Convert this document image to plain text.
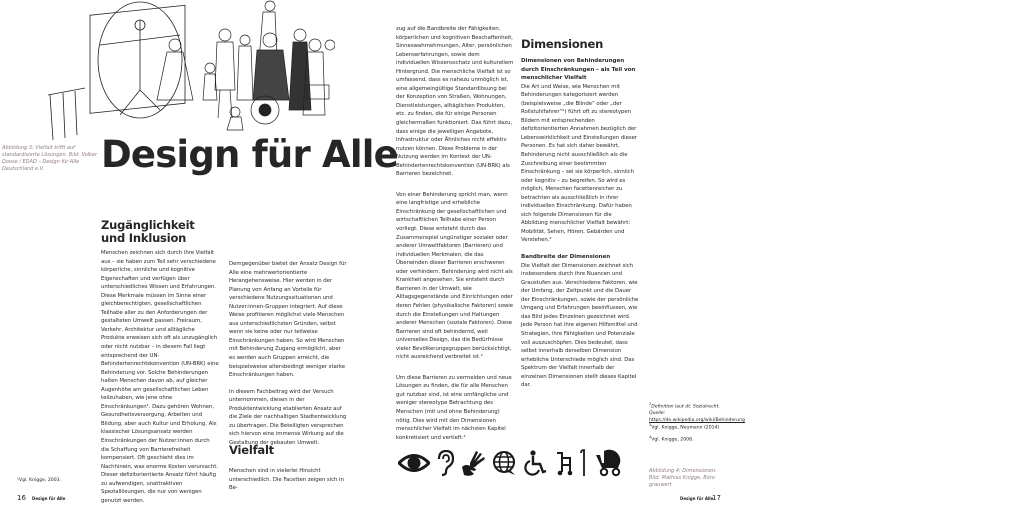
Abbildung 3: Vielfalt trifft auf standardisierte Lösungen. Bild: Volker Doose / EDAD – Design für Alle Deutschland e.V.	Design für Alle
Zugänglichkeit und Inklusion

Menschen zeichnen sich durch ihre Vielfalt aus – sie haben zum Teil sehr verschiedene körperliche, sinnliche und kognitive Eigenschaften und verfügen über unterschiedliches Wissen und Erfahrungen. Diese Merkmale müssen im Sinne einer gleichberechtigten, gesellschaftlichen Teilhabe aller zu den Anforderungen der gestalteten Umwelt passen. Freiraum, Verkehr, Architektur und alltägliche Produkte erweisen sich oft als unzugänglich oder nicht nutzbar – in diesem Fall liegt entsprechend der UN-Behindertenrechtskonvention (UN-BRK) eine Behinderung vor. Solche Behinderungen halten Menschen davon ab, auf gleicher Augenhöhe am gesellschaftlichen Leben teilzuhaben, wie jene ohne Einschränkungen¹. Dazu gehören Wohnen, Gesundheitsversorgung, Arbeiten und Bildung, aber auch Kultur und Erholung. Als klassischer Lösungsansatz werden Einschränkungen der Nutzer:innen durch die Schaffung von Barrierefreiheit kompensiert. Oft geschieht dies im Nachhinein, was enorme Kosten verursacht. Dieser defizitorientierte Ansatz führt häufig zu aufwendigen, unattraktiven Speziallösungen, die nur von wenigen genutzt werden.

Demgegenüber bietet der Ansatz Design für Alle eine mehrwertorientierte Herangehensweise. Hier werden in der Planung von Anfang an Vorteile für verschiedene Nutzungssituationen und Nutzer:innen-Gruppen integriert. Auf diese Weise profitieren möglichst viele Menschen aus unterschiedlichsten Gründen, selbst wenn sie keine oder nur teilweise Einschränkungen haben. So wird Menschen mit Behinderung Zugang ermöglicht, aber es werden auch Gruppen erreicht, die beispielsweise altersbedingt weniger starke Einschränkungen haben.

In diesem Fachbeitrag wird der Versuch unternommen, diesen in der Produktentwicklung etablierten Ansatz auf die Ziele der nachhaltigen Stadtentwicklung zu übertragen. Die Beteiligten versprechen sich hiervon eine immense Wirkung auf die Gestaltung der gebauten Umwelt.

Vielfalt

Menschen sind in vielerlei Hinsicht unterschiedlich. Die Facetten zeigen sich in Be-

¹Vgl. Knigge, 2003.
16 Design für Alle

zug auf die Bandbreite der Fähigkeiten, körperlichen und kognitiven Beschaffenheit, Sinneswahrnehmungen, Alter, persönlichen Lebenserfahrungen, sowie dem individuellen Wissensschatz und kulturellem Hintergrund. Die menschliche Vielfalt ist so umfassend, dass es nahezu unmöglich ist, eine allgemeingültige Standardlösung bei der Konzeption von Straßen, Wohnungen, Dienstleistungen, alltäglichen Produkten, etc. zu finden, die für einige Personen gleichermaßen funktioniert. Das führt dazu, dass einige die jeweiligen Angebote, Infrastruktur oder Ähnliches nicht effektiv nutzen können. Diese Probleme in der Nutzung werden im Kontext der UN-Behindertenrechtskonvention (UN-BRK) als Barrieren bezeichnet.

Von einer Behinderung spricht man, wenn eine langfristige und erhebliche Einschränkung der gesellschaftlichen und wirtschaftlichen Teilhabe einer Person vorliegt. Diese entsteht durch das Zusammenspiel ungünstiger sozialer oder anderer Umweltfaktoren (Barrieren) und individuellen Merkmalen, die das Überwinden dieser Barrieren erschweren oder verhindern. Behinderung wird nicht als Krankheit angesehen. Sie entsteht durch Barrieren in der Umwelt, wie Alltagsgegenstände und Einrichtungen oder deren Fehlen (physikalische Faktoren) sowie durch die Einstellungen und Haltungen anderer Menschen (soziale Faktoren). Diese Barrieren sind oft behindernd, weil universelles Design, das die Bedürfnisse vieler Bevölkerungsgruppen berücksichtigt, nicht ausreichend verbreitet ist.²

Um diese Barrieren zu vermeiden und neue Lösungen zu finden, die für alle Menschen gut nutzbar sind, ist eine umfängliche und weniger stereotype Betrachtung des Menschen (mit und ohne Behinderung) nötig. Dies wird mit den Dimensionen menschlicher Vielfalt im nächsten Kapitel konkretisiert und vertieft.³

Dimensionen
Dimensionen von Behinderungen durch Einschränkungen – als Teil von menschlicher Vielfalt

Die Art und Weise, wie Menschen mit Behinderungen kategorisiert werden (beispielsweise „die Blinde“ oder „der Rollstuhlfahrer“²) führt oft zu stereotypen Bildern mit entsprechenden defizitorientierten Annahmen bezüglich der Lebenswirklichkeit und Einstellungen dieser Personen. Es hat sich daher bewährt, Behinderung nicht ausschließlich als die Zuschreibung einer bestimmten Einschränkung – sei sie körperlich, sinnlich oder kognitiv – zu begreifen. So wird es möglich, Menschen facettenreicher zu betrachten als ausschließlich in ihrer individuellen Einschränkung. Dafür haben sich folgende Dimensionen für die Abbildung menschlicher Vielfalt bewährt: Mobilität, Sehen, Hören, Gebärden und Verstehen.⁴

Bandbreite der Dimensionen

Die Vielfalt der Dimensionen zeichnet sich insbesondere durch ihre Nuancen und Graustufen aus. Verschiedene Faktoren, wie der Umfang, der Zeitpunkt und die Dauer der Einschränkungen, sowie der persönliche Umgang und Erfahrungen beeinflussen, wie das Bild jedes Einzelnen gezeichnet wird. Jede Person hat ihre eigenen Hilfsmittel und Strategien, ihre Fähigkeiten und Potenziale voll auszuschöpfen. Dies bedeutet, dass selbst innerhalb derselben Dimension erhebliche Unterschiede möglich sind. Das Spektrum der Vielfalt innerhalb der einzelnen Dimensionen stellt dieses Kapitel dar.

$^2$Definition laut dt. Sozialrecht. Quelle: https://de.wikipedia.org/wiki/Behinderung
$^3$Vgl. Knigge, Neumann (2014)
$^4$Vgl. Knigge, 2008.
Abbildung 4: Dimensionen. Bild: Mathias Knigge, Büro grauwert
Design für Alle
17
